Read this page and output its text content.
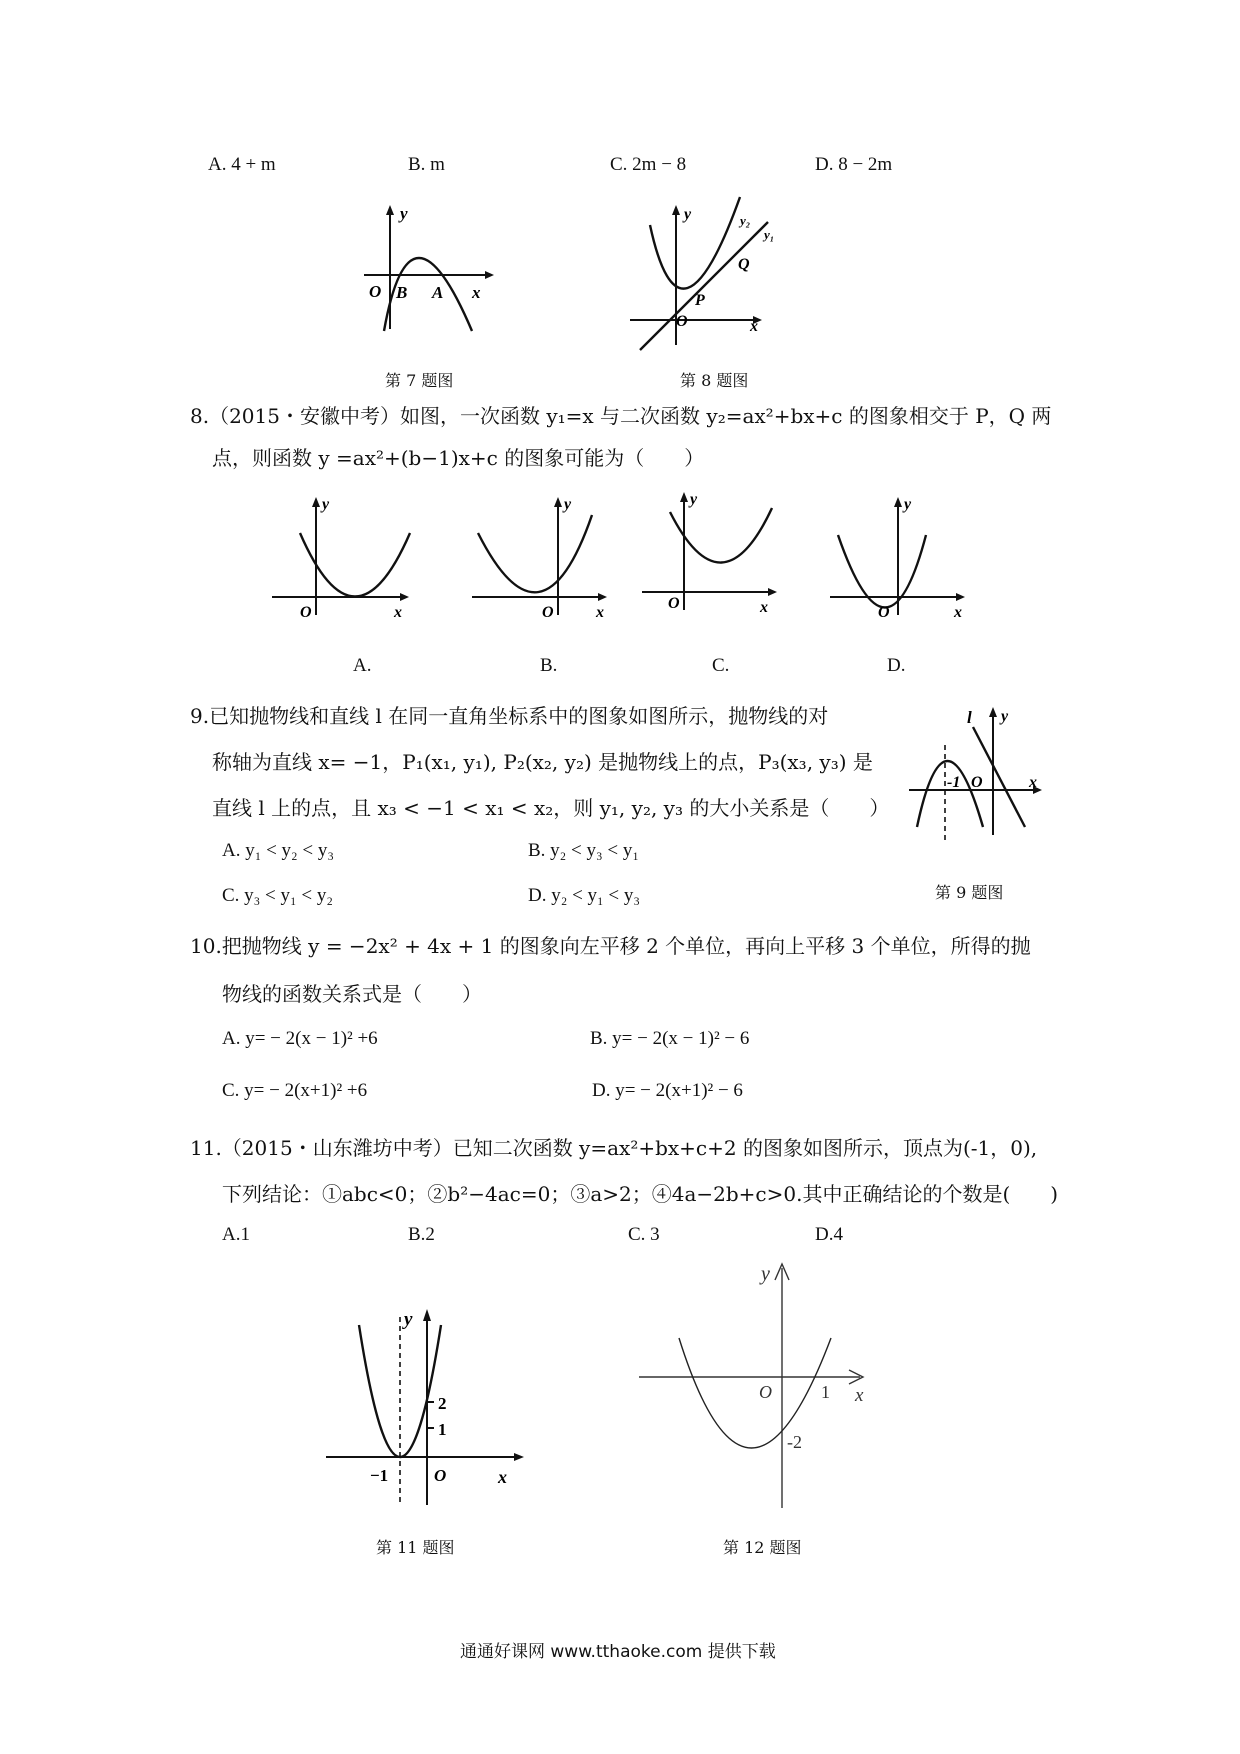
A. 4 + m	B. m	C. 2m − 8	D. 8 − 2m
y
x
O B A
第 7 题图
y
x
O
P
Q
y₂
y₁
第 8 题图
8.（2015・安徽中考）如图，一次函数 y₁=x 与二次函数 y₂=ax²+bx+c 的图象相交于 P，Q 两
点，则函数 y =ax²+(b−1)x+c 的图象可能为（　　）
y
x
O
y
x
O
y
x
O
y
x
O
A.	B.	C.	D.
9.已知抛物线和直线 l 在同一直角坐标系中的图象如图所示，抛物线的对
称轴为直线 x= −1，P₁(x₁, y₁), P₂(x₂, y₂) 是抛物线上的点，P₃(x₃, y₃) 是
直线 l 上的点，且 x₃ < −1 < x₁ < x₂，则 y₁, y₂, y₃ 的大小关系是（　　）
A. y₁ < y₂ < y₃	B. y₂ < y₃ < y₁
C. y₃ < y₁ < y₂	D. y₂ < y₁ < y₃
l y
x
O
-1
第 9 题图
10.把抛物线 y = −2x² + 4x + 1 的图象向左平移 2 个单位，再向上平移 3 个单位，所得的抛
物线的函数关系式是（　　）
A. y= − 2(x − 1)² +6	B. y= − 2(x − 1)² − 6
C. y= − 2(x+1)² +6	D. y= − 2(x+1)² − 6
11.（2015・山东潍坊中考）已知二次函数 y=ax²+bx+c+2 的图象如图所示，顶点为(-1，0),
下列结论：①abc<0；②b²−4ac=0；③a>2；④4a−2b+c>0.其中正确结论的个数是(　　)
A.1	B.2	C. 3	D.4
y
x
O
2
1
−1
第 11 题图
y
x
O	1
-2
第 12 题图
通通好课网 www.tthaoke.com 提供下载
